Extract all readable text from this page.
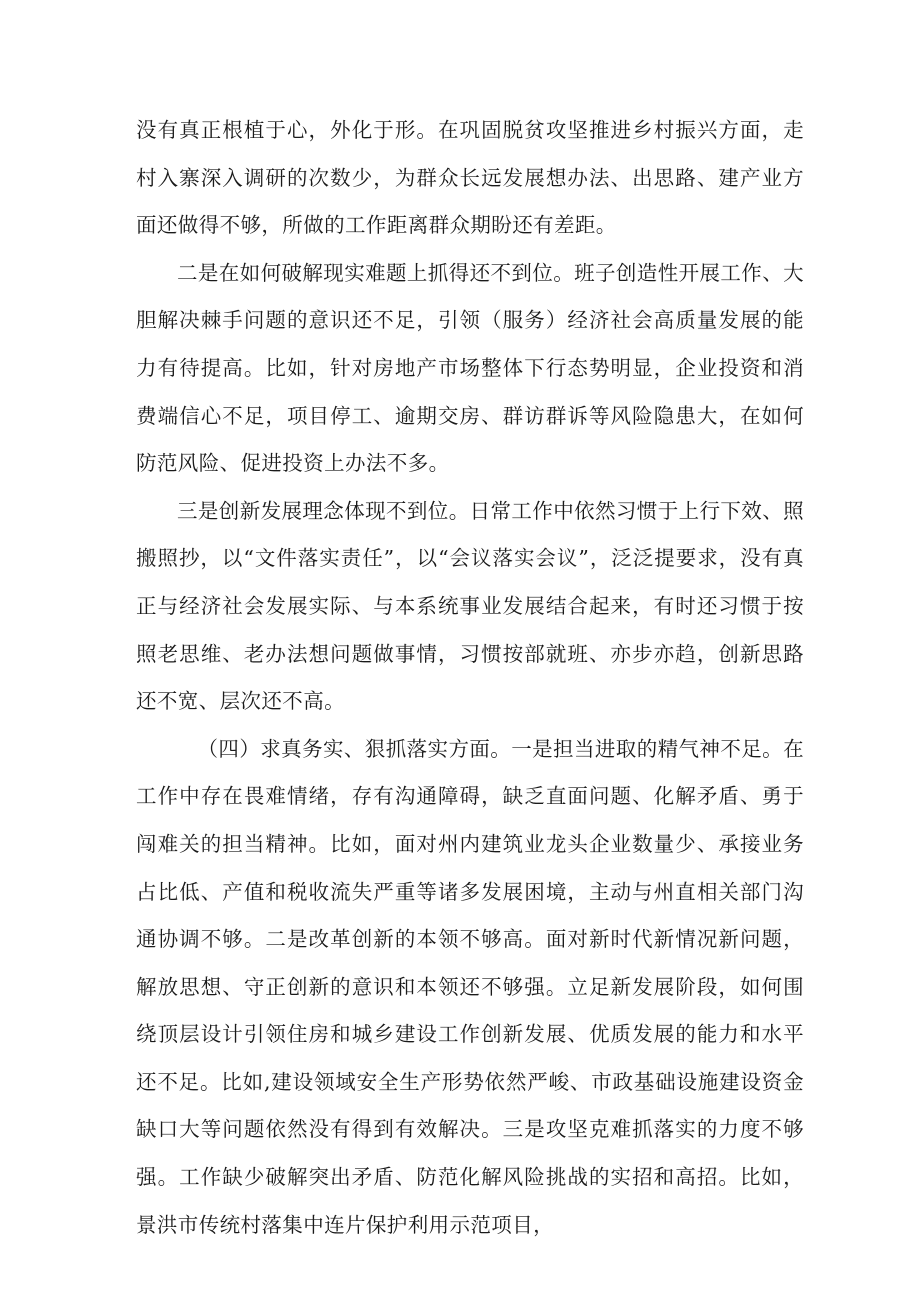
没有真正根植于心，外化于形。在巩固脱贫攻坚推进乡村振兴方面，走村入寨深入调研的次数少，为群众长远发展想办法、出思路、建产业方面还做得不够，所做的工作距离群众期盼还有差距。

二是在如何破解现实难题上抓得还不到位。班子创造性开展工作、大胆解决棘手问题的意识还不足，引领（服务）经济社会高质量发展的能力有待提高。比如，针对房地产市场整体下行态势明显，企业投资和消费端信心不足，项目停工、逾期交房、群访群诉等风险隐患大，在如何防范风险、促进投资上办法不多。

三是创新发展理念体现不到位。日常工作中依然习惯于上行下效、照搬照抄，以“文件落实责任”，以“会议落实会议”，泛泛提要求，没有真正与经济社会发展实际、与本系统事业发展结合起来，有时还习惯于按照老思维、老办法想问题做事情，习惯按部就班、亦步亦趋，创新思路还不宽、层次还不高。

（四）求真务实、狠抓落实方面。一是担当进取的精气神不足。在工作中存在畏难情绪，存有沟通障碍，缺乏直面问题、化解矛盾、勇于闯难关的担当精神。比如，面对州内建筑业龙头企业数量少、承接业务占比低、产值和税收流失严重等诸多发展困境，主动与州直相关部门沟通协调不够。二是改革创新的本领不够高。面对新时代新情况新问题，解放思想、守正创新的意识和本领还不够强。立足新发展阶段，如何围绕顶层设计引领住房和城乡建设工作创新发展、优质发展的能力和水平还不足。比如,建设领域安全生产形势依然严峻、市政基础设施建设资金缺口大等问题依然没有得到有效解决。三是攻坚克难抓落实的力度不够强。工作缺少破解突出矛盾、防范化解风险挑战的实招和高招。比如，景洪市传统村落集中连片保护利用示范项目，
